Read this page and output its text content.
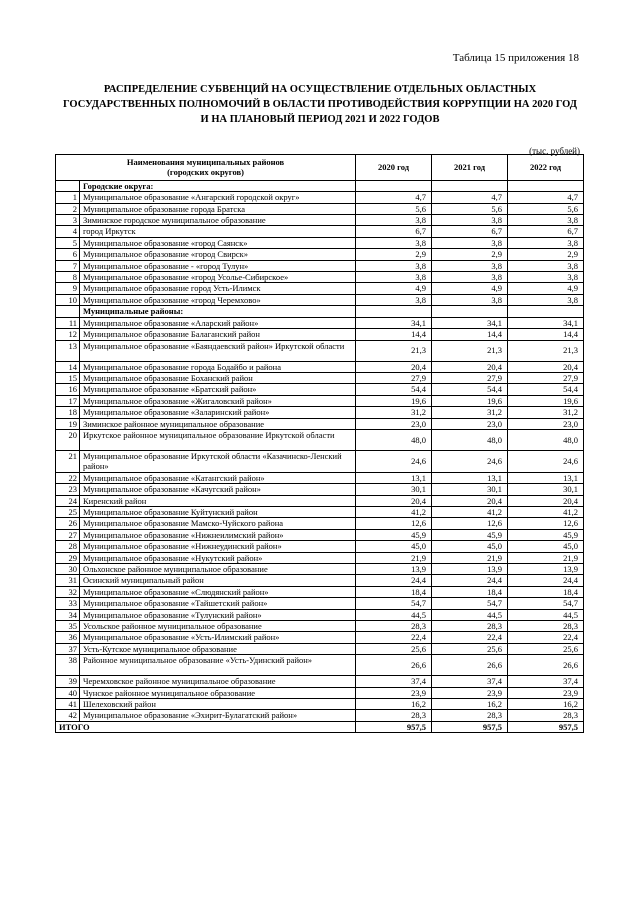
Таблица 15 приложения 18
РАСПРЕДЕЛЕНИЕ СУБВЕНЦИЙ НА ОСУЩЕСТВЛЕНИЕ ОТДЕЛЬНЫХ ОБЛАСТНЫХ
ГОСУДАРСТВЕННЫХ ПОЛНОМОЧИЙ В ОБЛАСТИ ПРОТИВОДЕЙСТВИЯ КОРРУПЦИИ НА 2020 ГОД
И НА ПЛАНОВЫЙ ПЕРИОД 2021 И 2022 ГОДОВ
(тыс. рублей)
Наименования муниципальных районов
(городских округов)		2020 год	2021 год	2022 год
	Городские округа:			
1	Муниципальное образование «Ангарский городской округ»	4,7	4,7	4,7
2	Муниципальное образование города Братска	5,6	5,6	5,6
3	Зиминское городское муниципальное образование	3,8	3,8	3,8
4	город Иркутск	6,7	6,7	6,7
5	Муниципальное образование «город Саянск»	3,8	3,8	3,8
6	Муниципальное образование «город Свирск»	2,9	2,9	2,9
7	Муниципальное образование - «город Тулун»	3,8	3,8	3,8
8	Муниципальное образование «город Усолье-Сибирское»	3,8	3,8	3,8
9	Муниципальное образование город Усть-Илимск	4,9	4,9	4,9
10	Муниципальное образование «город Черемхово»	3,8	3,8	3,8
	Муниципальные районы:			
11	Муниципальное образование «Аларский район»	34,1	34,1	34,1
12	Муниципальное образование Балаганский район	14,4	14,4	14,4
13	Муниципальное образование «Баяндаевский район» Иркутской области	21,3	21,3	21,3
14	Муниципальное образование города Бодайбо и района	20,4	20,4	20,4
15	Муниципальное образование Боханский район	27,9	27,9	27,9
16	Муниципальное образование «Братский район»	54,4	54,4	54,4
17	Муниципальное образование «Жигаловский район»	19,6	19,6	19,6
18	Муниципальное образование «Заларинский район»	31,2	31,2	31,2
19	Зиминское районное муниципальное образование	23,0	23,0	23,0
20	Иркутское районное муниципальное образование Иркутской области	48,0	48,0	48,0
21	Муниципальное образование Иркутской области «Казачинско-Ленский район»	24,6	24,6	24,6
22	Муниципальное образование «Катангский район»	13,1	13,1	13,1
23	Муниципальное образование «Качугский район»	30,1	30,1	30,1
24	Киренский район	20,4	20,4	20,4
25	Муниципальное образование Куйтунский район	41,2	41,2	41,2
26	Муниципальное образование Мамско-Чуйского района	12,6	12,6	12,6
27	Муниципальное образование «Нижнеилимский район»	45,9	45,9	45,9
28	Муниципальное образование «Нижнеудинский район»	45,0	45,0	45,0
29	Муниципальное образование «Нукутский район»	21,9	21,9	21,9
30	Ольхонское районное муниципальное образование	13,9	13,9	13,9
31	Осинский муниципальный район	24,4	24,4	24,4
32	Муниципальное образование «Слюдянский район»	18,4	18,4	18,4
33	Муниципальное образование «Тайшетский район»	54,7	54,7	54,7
34	Муниципальное образование «Тулунский район»	44,5	44,5	44,5
35	Усольское районное муниципальное образование	28,3	28,3	28,3
36	Муниципальное образование «Усть-Илимский район»	22,4	22,4	22,4
37	Усть-Кутское муниципальное образование	25,6	25,6	25,6
38	Районное муниципальное образование «Усть-Удинский район»	26,6	26,6	26,6
39	Черемховское районное муниципальное образование	37,4	37,4	37,4
40	Чунское районное муниципальное образование	23,9	23,9	23,9
41	Шелеховский район	16,2	16,2	16,2
42	Муниципальное образование «Эхирит-Булагатский район»	28,3	28,3	28,3
ИТОГО		957,5	957,5	957,5
